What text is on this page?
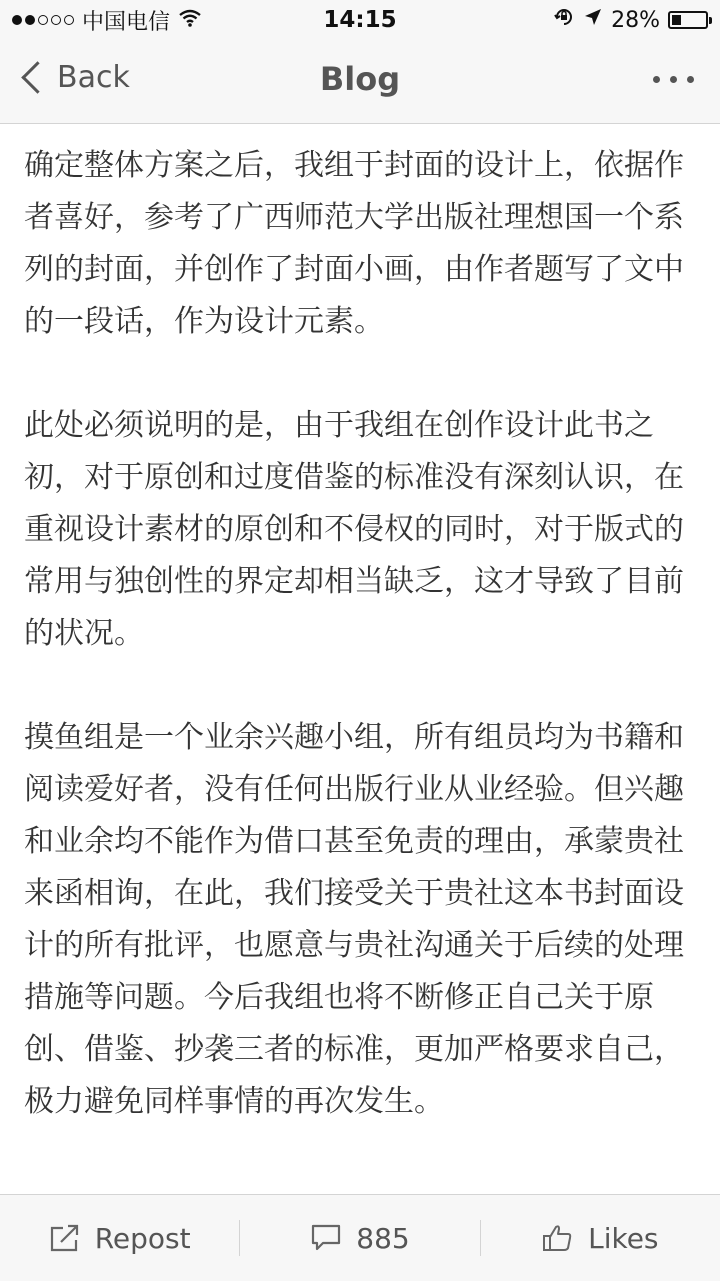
中国电信	14:15	28%
Back	Blog

确定整体方案之后，我组于封面的设计上，依据作者喜好，参考了广西师范大学出版社理想国一个系列的封面，并创作了封面小画，由作者题写了文中的一段话，作为设计元素。

此处必须说明的是，由于我组在创作设计此书之初，对于原创和过度借鉴的标准没有深刻认识，在重视设计素材的原创和不侵权的同时，对于版式的常用与独创性的界定却相当缺乏，这才导致了目前的状况。

摸鱼组是一个业余兴趣小组，所有组员均为书籍和阅读爱好者，没有任何出版行业从业经验。但兴趣和业余均不能作为借口甚至免责的理由，承蒙贵社来函相询，在此，我们接受关于贵社这本书封面设计的所有批评，也愿意与贵社沟通关于后续的处理措施等问题。今后我组也将不断修正自己关于原创、借鉴、抄袭三者的标准，更加严格要求自己，极力避免同样事情的再次发生。

Repost	885	Likes
